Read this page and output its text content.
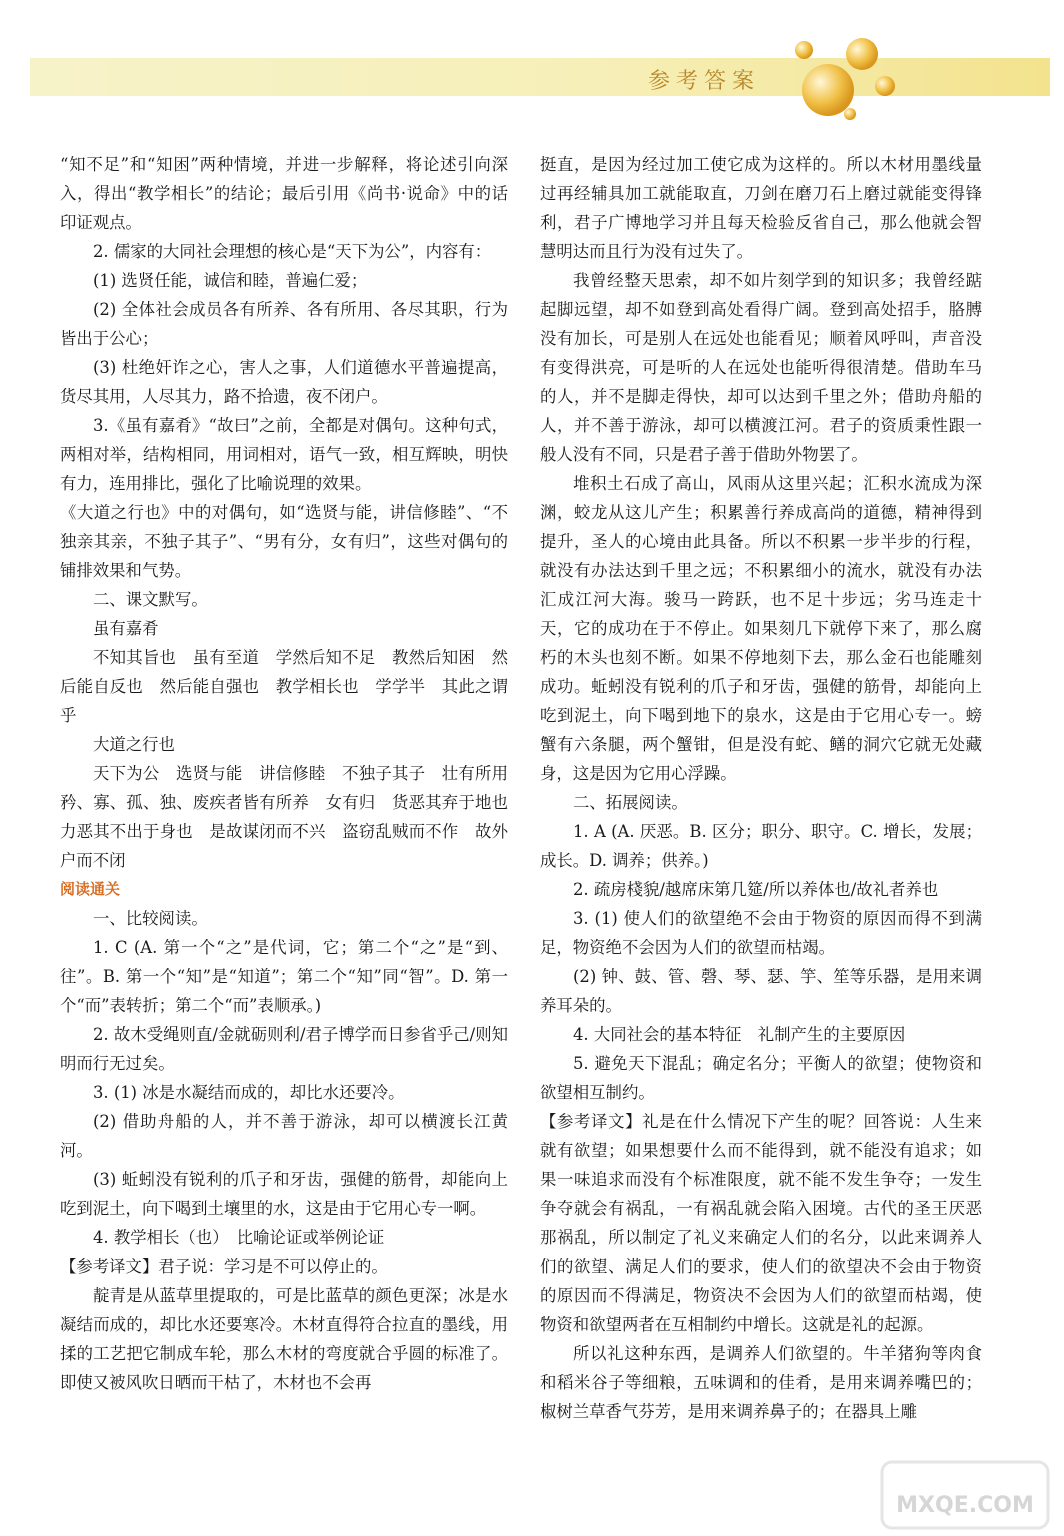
参考答案

“知不足”和“知困”两种情境，并进一步解释，将论述引向深入，得出“教学相长”的结论；最后引用《尚书·说命》中的话印证观点。

2. 儒家的大同社会理想的核心是“天下为公”，内容有：

(1) 选贤任能，诚信和睦，普遍仁爱；

(2) 全体社会成员各有所养、各有所用、各尽其职，行为皆出于公心；

(3) 杜绝奸诈之心，害人之事，人们道德水平普遍提高，货尽其用，人尽其力，路不拾遗，夜不闭户。

3.《虽有嘉肴》“故曰”之前，全都是对偶句。这种句式，两相对举，结构相同，用词相对，语气一致，相互辉映，明快有力，连用排比，强化了比喻说理的效果。

《大道之行也》中的对偶句，如“选贤与能，讲信修睦”、“不独亲其亲，不独子其子”、“男有分，女有归”，这些对偶句的铺排效果和气势。

二、课文默写。

虽有嘉肴

不知其旨也　虽有至道　学然后知不足　教然后知困　然后能自反也　然后能自强也　教学相长也　学学半　其此之谓乎

大道之行也

天下为公　选贤与能　讲信修睦　不独子其子　壮有所用　矜、寡、孤、独、废疾者皆有所养　女有归　货恶其弃于地也　力恶其不出于身也　是故谋闭而不兴　盗窃乱贼而不作　故外户而不闭

阅读通关

一、比较阅读。

1. C (A. 第一个“之”是代词，它；第二个“之”是“到、往”。B. 第一个“知”是“知道”；第二个“知”同“智”。D. 第一个“而”表转折；第二个“而”表顺承。)

2. 故木受绳则直/金就砺则利/君子博学而日参省乎己/则知明而行无过矣。

3. (1) 冰是水凝结而成的，却比水还要冷。

(2) 借助舟船的人，并不善于游泳，却可以横渡长江黄河。

(3) 蚯蚓没有锐利的爪子和牙齿，强健的筋骨，却能向上吃到泥土，向下喝到土壤里的水，这是由于它用心专一啊。

4. 教学相长（也）　比喻论证或举例论证

【参考译文】君子说：学习是不可以停止的。

靛青是从蓝草里提取的，可是比蓝草的颜色更深；冰是水凝结而成的，却比水还要寒冷。木材直得符合拉直的墨线，用揉的工艺把它制成车轮，那么木材的弯度就合乎圆的标准了。即使又被风吹日晒而干枯了，木材也不会再

挺直，是因为经过加工使它成为这样的。所以木材用墨线量过再经辅具加工就能取直，刀剑在磨刀石上磨过就能变得锋利，君子广博地学习并且每天检验反省自己，那么他就会智慧明达而且行为没有过失了。

我曾经整天思索，却不如片刻学到的知识多；我曾经踮起脚远望，却不如登到高处看得广阔。登到高处招手，胳膊没有加长，可是别人在远处也能看见；顺着风呼叫，声音没有变得洪亮，可是听的人在远处也能听得很清楚。借助车马的人，并不是脚走得快，却可以达到千里之外；借助舟船的人，并不善于游泳，却可以横渡江河。君子的资质秉性跟一般人没有不同，只是君子善于借助外物罢了。

堆积土石成了高山，风雨从这里兴起；汇积水流成为深渊，蛟龙从这儿产生；积累善行养成高尚的道德，精神得到提升，圣人的心境由此具备。所以不积累一步半步的行程，就没有办法达到千里之远；不积累细小的流水，就没有办法汇成江河大海。骏马一跨跃，也不足十步远；劣马连走十天，它的成功在于不停止。如果刻几下就停下来了，那么腐朽的木头也刻不断。如果不停地刻下去，那么金石也能雕刻成功。蚯蚓没有锐利的爪子和牙齿，强健的筋骨，却能向上吃到泥土，向下喝到地下的泉水，这是由于它用心专一。螃蟹有六条腿，两个蟹钳，但是没有蛇、鳝的洞穴它就无处藏身，这是因为它用心浮躁。

二、拓展阅读。

1. A (A. 厌恶。B. 区分；职分、职守。C. 增长，发展；成长。D. 调养；供养。)

2. 疏房棧貌/越席床第几筵/所以养体也/故礼者养也

3. (1) 使人们的欲望绝不会由于物资的原因而得不到满足，物资绝不会因为人们的欲望而枯竭。

(2) 钟、鼓、管、磬、琴、瑟、竽、笙等乐器，是用来调养耳朵的。

4. 大同社会的基本特征　礼制产生的主要原因

5. 避免天下混乱；确定名分；平衡人的欲望；使物资和欲望相互制约。

【参考译文】礼是在什么情况下产生的呢？回答说：人生来就有欲望；如果想要什么而不能得到，就不能没有追求；如果一味追求而没有个标准限度，就不能不发生争夺；一发生争夺就会有祸乱，一有祸乱就会陷入困境。古代的圣王厌恶那祸乱，所以制定了礼义来确定人们的名分，以此来调养人们的欲望、满足人们的要求，使人们的欲望决不会由于物资的原因而不得满足，物资决不会因为人们的欲望而枯竭，使物资和欲望两者在互相制约中增长。这就是礼的起源。

所以礼这种东西，是调养人们欲望的。牛羊猪狗等肉食和稻米谷子等细粮，五味调和的佳肴，是用来调养嘴巴的；椒树兰草香气芬芳，是用来调养鼻子的；在器具上雕

MXQE.COM
